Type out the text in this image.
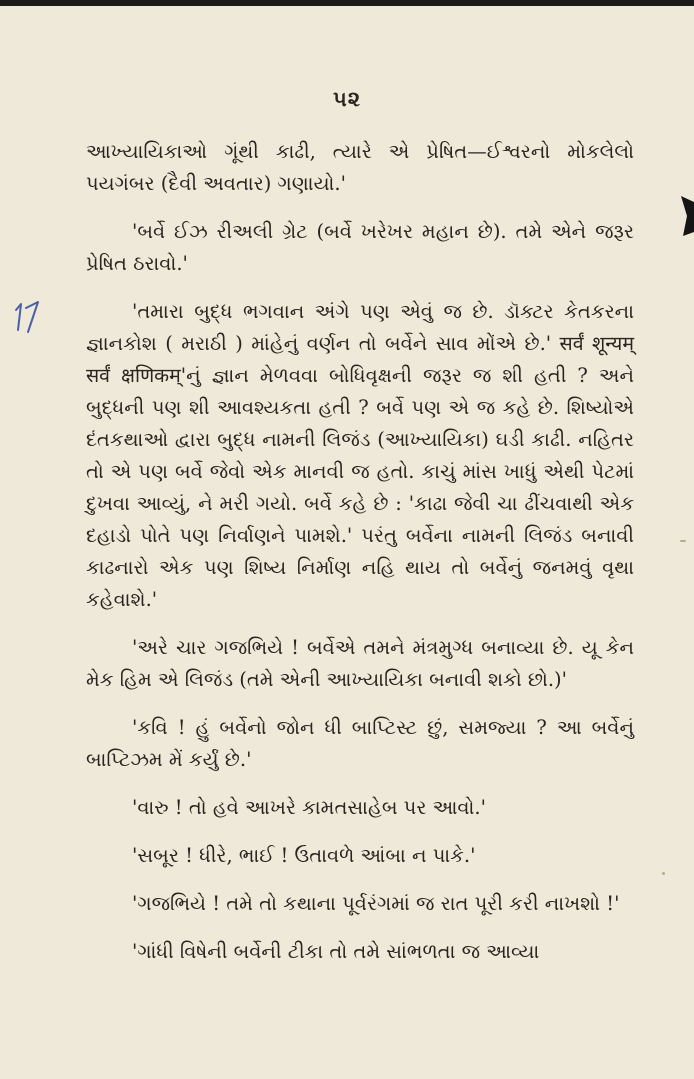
૫૨

આખ્યાયિકાઓ ગૂંથી કાઢી, ત્યારે એ પ્રેષિત—ઈશ્વરનો મોકલેલો પયગંબર (દૈવી અવતાર) ગણાયો.'

'બર્વે ઈઝ રીઅલી ગ્રેટ (બર્વે ખરેખર મહાન છે). તમે એને જરૂર પ્રેષિત ઠરાવો.'

'તમારા બુદ્ધ ભગવાન અંગે પણ એવું જ છે. ડૉક્ટર કેતકરના જ્ઞાનકોશ ( મરાઠી ) માંહેનું વર્ણન તો બર્વેને સાવ મોંએ છે.' सर्वं शून्यम् सर्वं क्षणिकम्'નું જ્ઞાન મેળવવા બોધિવૃક્ષની જરૂર જ શી હતી ? અને બુદ્ધની પણ શી આવશ્યકતા હતી ? બર્વે પણ એ જ કહે છે. શિષ્યોએ દંતકથાઓ દ્વારા બુદ્ધ નામની લિજંડ (આખ્યાયિકા) ઘડી કાઢી. નહિતર તો એ પણ બર્વે જેવો એક માનવી જ હતો. કાચું માંસ ખાધું એથી પેટમાં દુખવા આવ્યું, ને મરી ગયો. બર્વે કહે છે : 'કાઢા જેવી ચા ઢીંચવાથી એક દહાડો પોતે પણ નિર્વાણને પામશે.' પરંતુ બર્વેના નામની લિજંડ બનાવી કાઢનારો એક પણ શિષ્ય નિર્માણ નહિ થાય તો બર્વેનું જનમવું વૃથા કહેવાશે.'

'અરે ચાર ગજભિયે ! બર્વેએ તમને મંત્રમુગ્ધ બનાવ્યા છે. યૂ કેન મેક હિમ એ લિજંડ (તમે એની આખ્યાયિકા બનાવી શકો છો.)'

'કવિ ! હું બર્વેનો જોન ધી બાપ્ટિસ્ટ છું, સમજ્યા ? આ બર્વેનું બાપ્ટિઝમ મેં કર્યું છે.'

'વારુ ! તો હવે આખરે કામતસાહેબ પર આવો.'

'સબૂર ! ધીરે, ભાઈ ! ઉતાવળે આંબા ન પાકે.'

'ગજભિયે ! તમે તો કથાના પૂર્વરંગમાં જ રાત પૂરી કરી નાખશો !'

'ગાંધી વિષેની બર્વેની ટીકા તો તમે સાંભળતા જ આવ્યા
